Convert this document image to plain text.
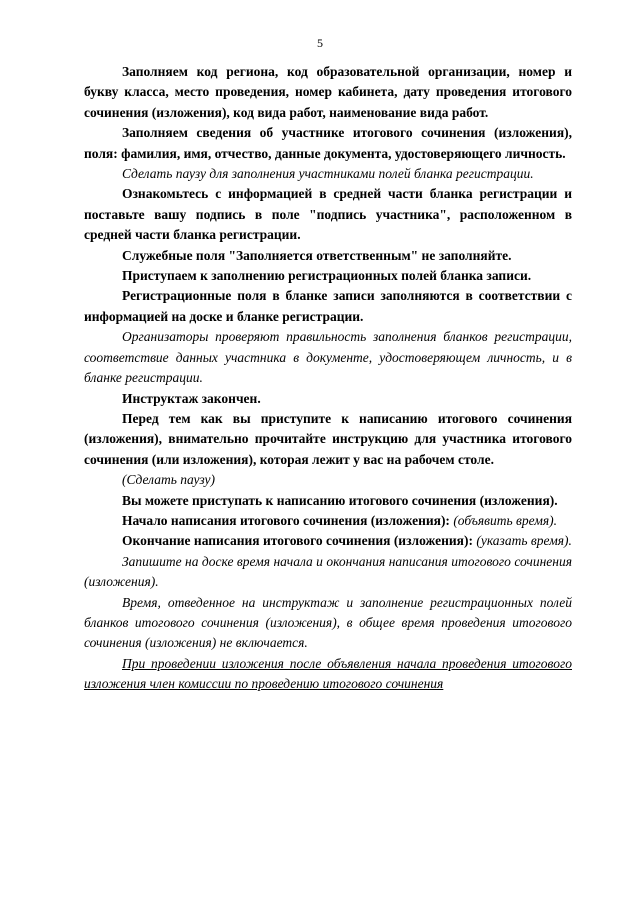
5

Заполняем код региона, код образовательной организации, номер и букву класса, место проведения, номер кабинета, дату проведения итогового сочинения (изложения), код вида работ, наименование вида работ.

Заполняем сведения об участнике итогового сочинения (изложения), поля: фамилия, имя, отчество, данные документа, удостоверяющего личность.

Сделать паузу для заполнения участниками полей бланка регистрации.

Ознакомьтесь с информацией в средней части бланка регистрации и поставьте вашу подпись в поле "подпись участника", расположенном в средней части бланка регистрации.

Служебные поля "Заполняется ответственным" не заполняйте.

Приступаем к заполнению регистрационных полей бланка записи.

Регистрационные поля в бланке записи заполняются в соответствии с информацией на доске и бланке регистрации.

Организаторы проверяют правильность заполнения бланков регистрации, соответствие данных участника в документе, удостоверяющем личность, и в бланке регистрации.

Инструктаж закончен.

Перед тем как вы приступите к написанию итогового сочинения (изложения), внимательно прочитайте инструкцию для участника итогового сочинения (или изложения), которая лежит у вас на рабочем столе.

(Сделать паузу)

Вы можете приступать к написанию итогового сочинения (изложения).

Начало написания итогового сочинения (изложения): (объявить время).

Окончание написания итогового сочинения (изложения): (указать время).

Запишите на доске время начала и окончания написания итогового сочинения (изложения).

Время, отведенное на инструктаж и заполнение регистрационных полей бланков итогового сочинения (изложения), в общее время проведения итогового сочинения (изложения) не включается.

При проведении изложения после объявления начала проведения итогового изложения член комиссии по проведению итогового сочинения
